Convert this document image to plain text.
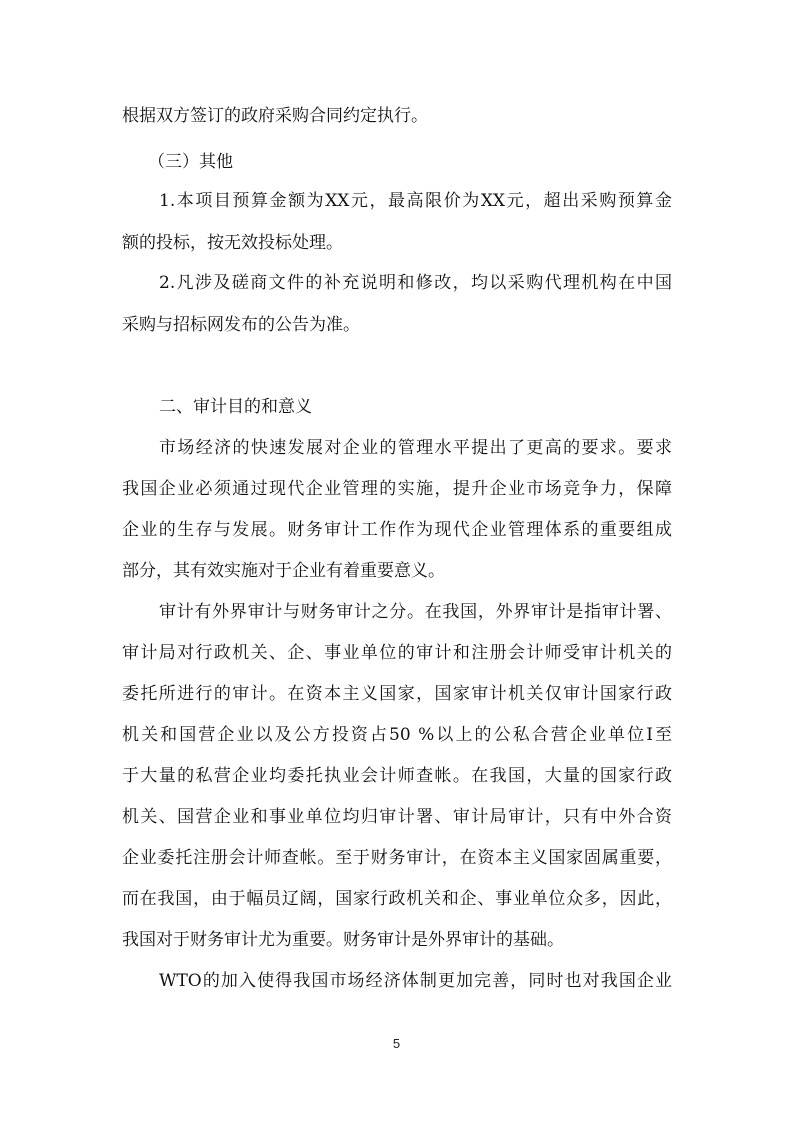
根据双方签订的政府采购合同约定执行。
（三）其他
1.本项目预算金额为XX元，最高限价为XX元，超出采购预算金
额的投标，按无效投标处理。
2.凡涉及磋商文件的补充说明和修改，均以采购代理机构在中国
采购与招标网发布的公告为准。
二、审计目的和意义
市场经济的快速发展对企业的管理水平提出了更高的要求。要求
我国企业必须通过现代企业管理的实施，提升企业市场竞争力，保障
企业的生存与发展。财务审计工作作为现代企业管理体系的重要组成
部分，其有效实施对于企业有着重要意义。
审计有外界审计与财务审计之分。在我国，外界审计是指审计署、
审计局对行政机关、企、事业单位的审计和注册会计师受审计机关的
委托所进行的审计。在资本主义国家，国家审计机关仅审计国家行政
机关和国营企业以及公方投资占50 %以上的公私合营企业单位I至
于大量的私营企业均委托执业会计师查帐。在我国，大量的国家行政
机关、国营企业和事业单位均归审计署、审计局审计，只有中外合资
企业委托注册会计师查帐。至于财务审计，在资本主义国家固属重要，
而在我国，由于幅员辽阔，国家行政机关和企、事业单位众多，因此，
我国对于财务审计尤为重要。财务审计是外界审计的基础。
WTO的加入使得我国市场经济体制更加完善，同时也对我国企业
5
